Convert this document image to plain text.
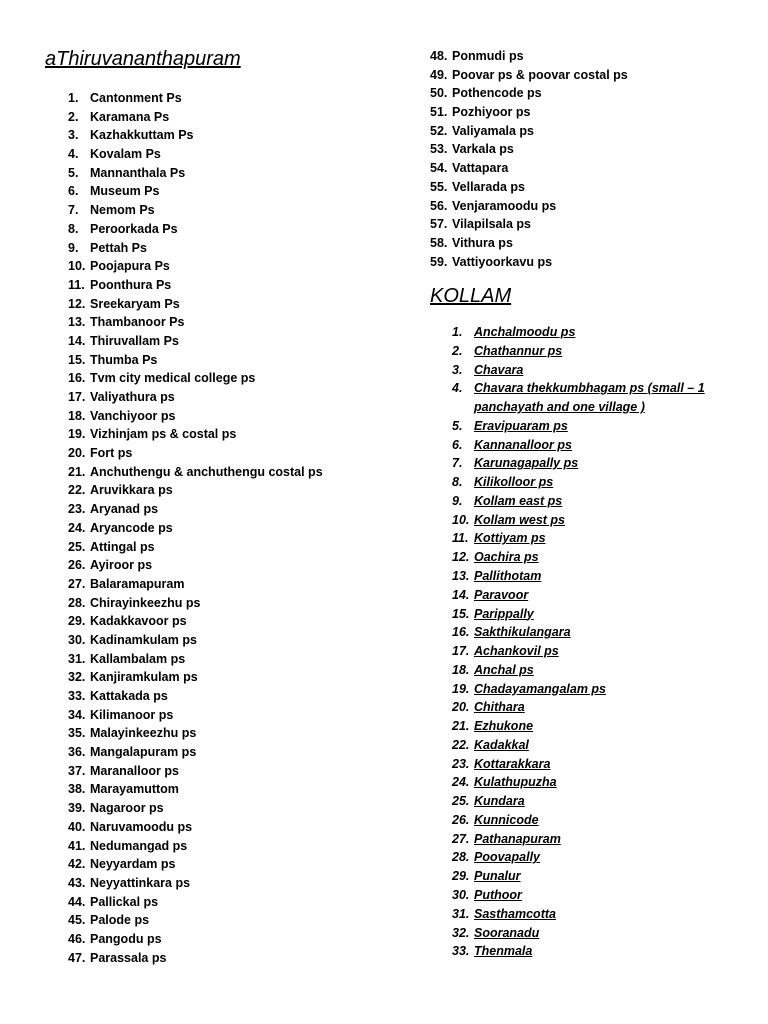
aThiruvananthapuram
1. Cantonment Ps
2. Karamana Ps
3. Kazhakkuttam Ps
4. Kovalam Ps
5. Mannanthala Ps
6. Museum Ps
7. Nemom Ps
8. Peroorkada Ps
9. Pettah Ps
10. Poojapura Ps
11. Poonthura Ps
12. Sreekaryam Ps
13. Thambanoor Ps
14. Thiruvallam Ps
15. Thumba Ps
16. Tvm city medical college ps
17. Valiyathura ps
18. Vanchiyoor ps
19. Vizhinjam ps & costal ps
20. Fort ps
21. Anchuthengu & anchuthengu costal ps
22. Aruvikkara ps
23. Aryanad ps
24. Aryancode ps
25. Attingal ps
26. Ayiroor ps
27. Balaramapuram
28. Chirayinkeezhu ps
29. Kadakkavoor ps
30. Kadinamkulam ps
31. Kallambalam ps
32. Kanjiramkulam ps
33. Kattakada ps
34. Kilimanoor ps
35. Malayinkeezhu ps
36. Mangalapuram ps
37. Maranalloor ps
38. Marayamuttom
39. Nagaroor ps
40. Naruvamoodu ps
41. Nedumangad ps
42. Neyyardam ps
43. Neyyattinkara ps
44. Pallickal ps
45. Palode ps
46. Pangodu ps
47. Parassala ps
48. Ponmudi ps
49. Poovar ps & poovar costal ps
50. Pothencode ps
51. Pozhiyoor ps
52. Valiyamala ps
53. Varkala ps
54. Vattapara
55. Vellarada ps
56. Venjaramoodu ps
57. Vilapilsala ps
58. Vithura ps
59. Vattiyoorkavu ps
KOLLAM
1. Anchalmoodu ps
2. Chathannur ps
3. Chavara
4. Chavara thekkumbhagam ps (small – 1 panchayath and one village )
5. Eravipuaram ps
6. Kannanalloor ps
7. Karunagapally ps
8. Kilikolloor ps
9. Kollam east ps
10. Kollam west ps
11. Kottiyam ps
12. Oachira ps
13. Pallithotam
14. Paravoor
15. Parippally
16. Sakthikulangara
17. Achankovil ps
18. Anchal ps
19. Chadayamangalam ps
20. Chithara
21. Ezhukone
22. Kadakkal
23. Kottarakkara
24. Kulathupuzha
25. Kundara
26. Kunnicode
27. Pathanapuram
28. Poovapally
29. Punalur
30. Puthoor
31. Sasthamcotta
32. Sooranadu
33. Thenmala
